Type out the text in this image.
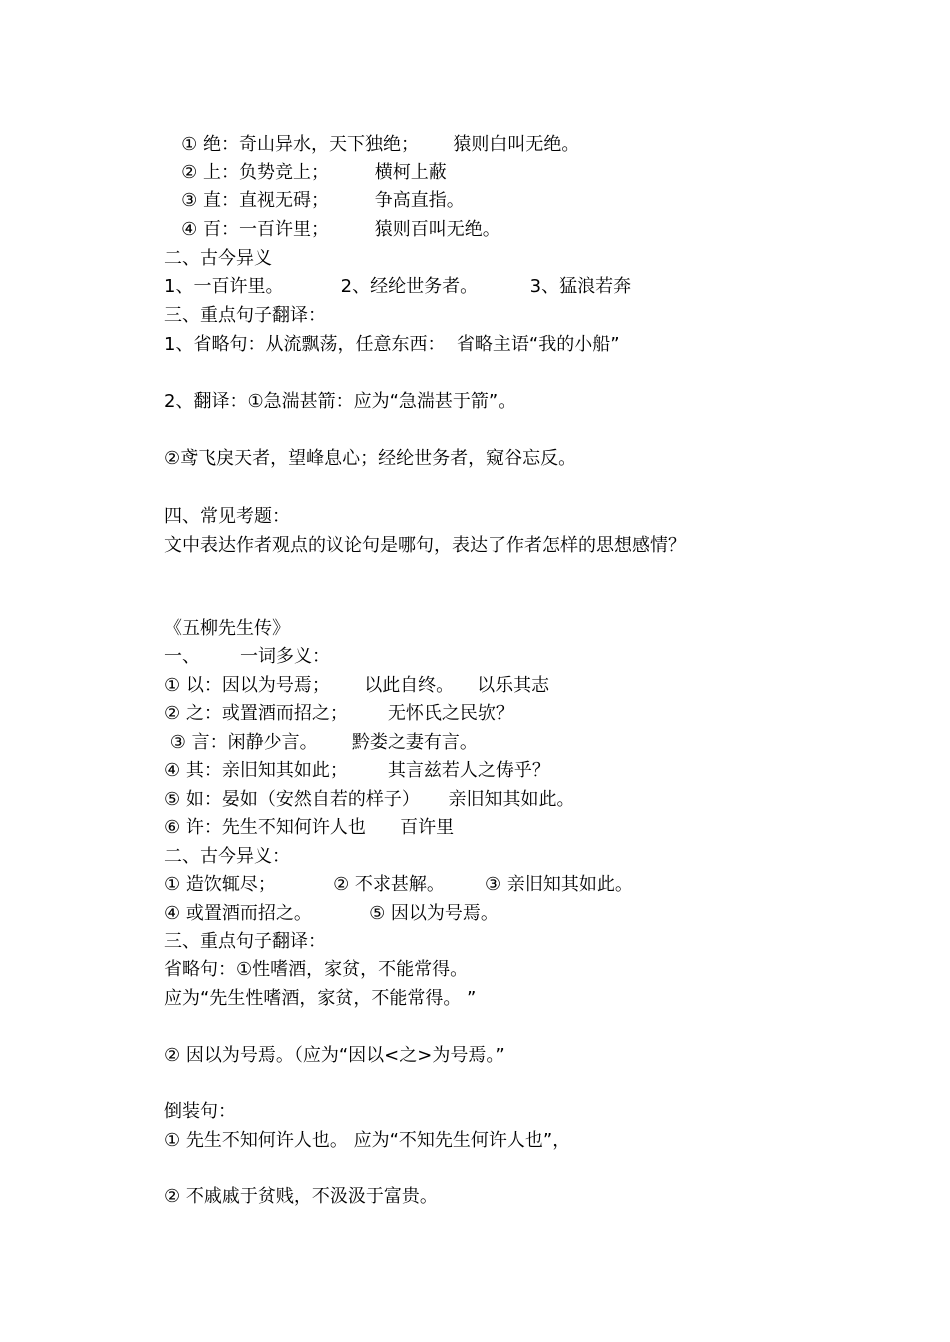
① 绝：奇山异水，天下独绝；      猿则白叫无绝。

② 上：负势竞上；        横柯上蔽

③ 直：直视无碍；        争高直指。

④ 百：一百许里；        猿则百叫无绝。

二、古今异义

1、一百许里。          2、经纶世务者。         3、猛浪若奔

三、重点句子翻译：

1、省略句：从流飘荡，任意东西：  省略主语“我的小船”

2、翻译：①急湍甚箭：应为“急湍甚于箭”。

②鸢飞戾天者，望峰息心；经纶世务者，窥谷忘反。

四、常见考题：

文中表达作者观点的议论句是哪句，表达了作者怎样的思想感情？

《五柳先生传》

一、       一词多义：

① 以：因以为号焉；      以此自终。    以乐其志

② 之：或置酒而招之；       无怀氏之民欤？

③ 言：闲静少言。      黔娄之妻有言。

④ 其：亲旧知其如此；       其言兹若人之俦乎？

⑤ 如：晏如（安然自若的样子）     亲旧知其如此。

⑥ 许：先生不知何许人也      百许里

二、古今异义：

① 造饮辄尽；          ② 不求甚解。       ③ 亲旧知其如此。

④ 或置酒而招之。          ⑤ 因以为号焉。

三、重点句子翻译：

省略句：①性嗜酒，家贫，不能常得。

应为“先生性嗜酒，家贫，不能常得。 ”

② 因以为号焉。（应为“因以<之>为号焉。”

倒装句：

① 先生不知何许人也。 应为“不知先生何许人也”，

② 不戚戚于贫贱，不汲汲于富贵。
